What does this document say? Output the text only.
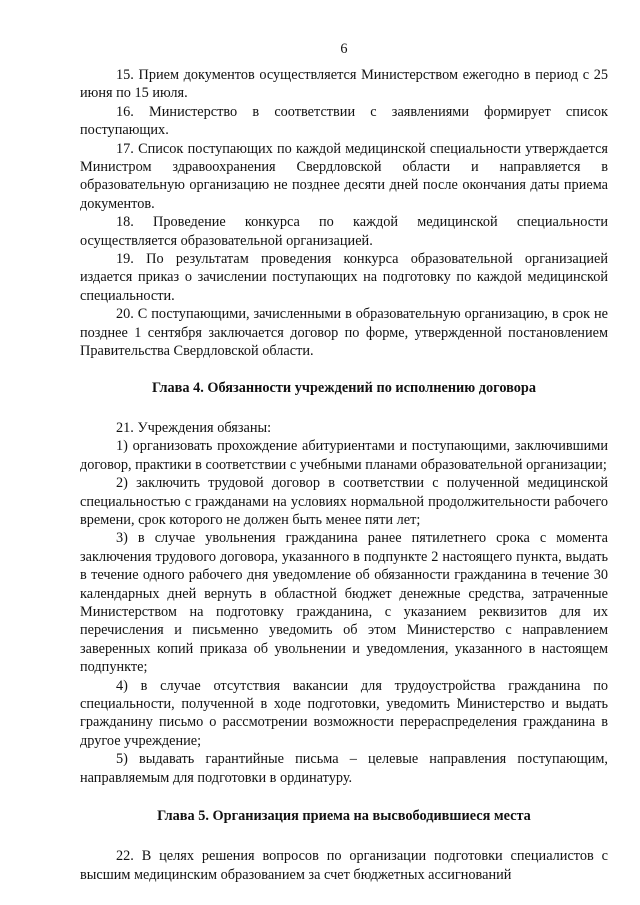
6

15. Прием документов осуществляется Министерством ежегодно в период с 25 июня по 15 июля.

16. Министерство в соответствии с заявлениями формирует список поступающих.

17. Список поступающих по каждой медицинской специальности утверждается Министром здравоохранения Свердловской области и направляется в образовательную организацию не позднее десяти дней после окончания даты приема документов.

18. Проведение конкурса по каждой медицинской специальности осуществляется образовательной организацией.

19. По результатам проведения конкурса образовательной организацией издается приказ о зачислении поступающих на подготовку по каждой медицинской специальности.

20. С поступающими, зачисленными в образовательную организацию, в срок не позднее 1 сентября заключается договор по форме, утвержденной постановлением Правительства Свердловской области.

Глава 4. Обязанности учреждений по исполнению договора

21. Учреждения обязаны:

1) организовать прохождение абитуриентами и поступающими, заключившими договор, практики в соответствии с учебными планами образовательной организации;

2) заключить трудовой договор в соответствии с полученной медицинской специальностью с гражданами на условиях нормальной продолжительности рабочего времени, срок которого не должен быть менее пяти лет;

3) в случае увольнения гражданина ранее пятилетнего срока с момента заключения трудового договора, указанного в подпункте 2 настоящего пункта, выдать в течение одного рабочего дня уведомление об обязанности гражданина в течение 30 календарных дней вернуть в областной бюджет денежные средства, затраченные Министерством на подготовку гражданина, с указанием реквизитов для их перечисления и письменно уведомить об этом Министерство с направлением заверенных копий приказа об увольнении и уведомления, указанного в настоящем подпункте;

4) в случае отсутствия вакансии для трудоустройства гражданина по специальности, полученной в ходе подготовки, уведомить Министерство и выдать гражданину письмо о рассмотрении возможности перераспределения гражданина в другое учреждение;

5) выдавать гарантийные письма – целевые направления поступающим, направляемым для подготовки в ординатуру.

Глава 5. Организация приема на высвободившиеся места

22. В целях решения вопросов по организации подготовки специалистов с высшим медицинским образованием за счет бюджетных ассигнований
